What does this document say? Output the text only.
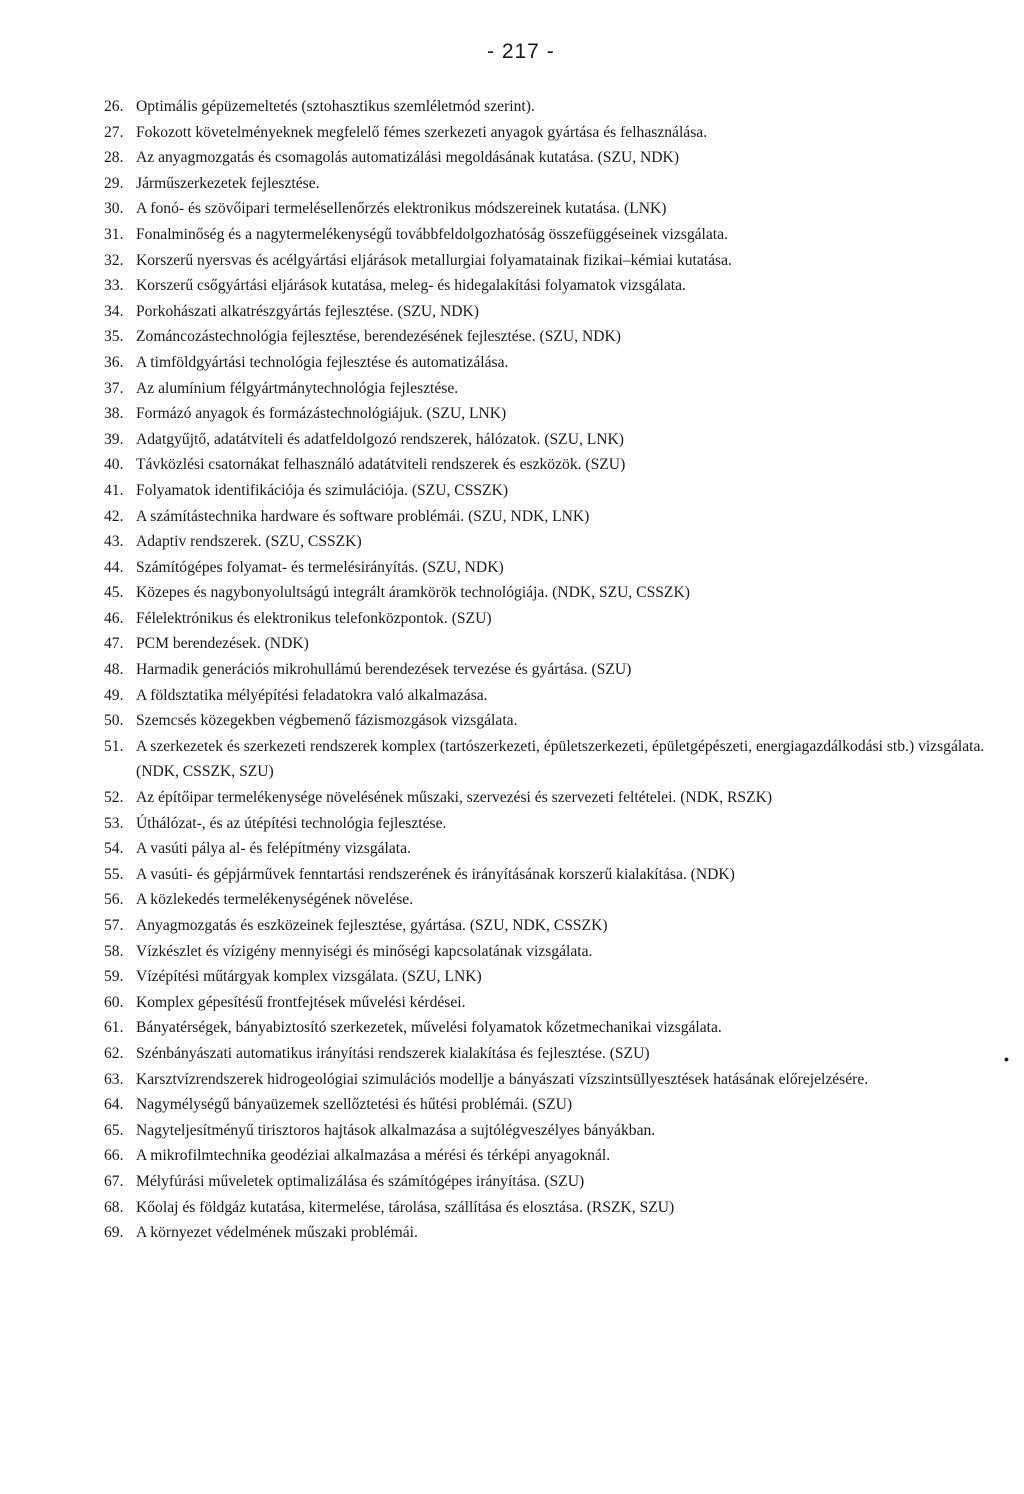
- 217 -
26. Optimális gépüzemeltetés (sztohasztikus szemléletmód szerint).
27. Fokozott követelményeknek megfelelő fémes szerkezeti anyagok gyártása és felhasználása.
28. Az anyagmozgatás és csomagolás automatizálási megoldásának kutatása. (SZU, NDK)
29. Járműszerkezetek fejlesztése.
30. A fonó- és szövőipari termelésellenőrzés elektronikus módszereinek kutatása. (LNK)
31. Fonalminőség és a nagytermelékenységű továbbfeldolgozhatóság összefüggéseinek vizsgálata.
32. Korszerű nyersvas és acélgyártási eljárások metallurgiai folyamatainak fizikai–kémiai kutatása.
33. Korszerű csőgyártási eljárások kutatása, meleg- és hidegalakítási folyamatok vizsgálata.
34. Porkohászati alkatrészgyártás fejlesztése. (SZU, NDK)
35. Zománcozástechnológia fejlesztése, berendezésének fejlesztése. (SZU, NDK)
36. A timföldgyártási technológia fejlesztése és automatizálása.
37. Az alumínium félgyártmánytechnológia fejlesztése.
38. Formázó anyagok és formázástechnológiájuk. (SZU, LNK)
39. Adatgyűjtő, adatátviteli és adatfeldolgozó rendszerek, hálózatok. (SZU, LNK)
40. Távközlési csatornákat felhasználó adatátviteli rendszerek és eszközök. (SZU)
41. Folyamatok identifikációja és szimulációja. (SZU, CSSZK)
42. A számítástechnika hardware és software problémái. (SZU, NDK, LNK)
43. Adaptiv rendszerek. (SZU, CSSZK)
44. Számítógépes folyamat- és termelésirányítás. (SZU, NDK)
45. Közepes és nagybonyolultságú integrált áramkörök technológiája. (NDK, SZU, CSSZK)
46. Félelektrónikus és elektronikus telefonközpontok. (SZU)
47. PCM berendezések. (NDK)
48. Harmadik generációs mikrohullámú berendezések tervezése és gyártása. (SZU)
49. A földsztatika mélyépítési feladatokra való alkalmazása.
50. Szemcsés közegekben végbemenő fázismozgások vizsgálata.
51. A szerkezetek és szerkezeti rendszerek komplex (tartószerkezeti, épületszerkezeti, épületgépészeti, energiagazdálkodási stb.) vizsgálata. (NDK, CSSZK, SZU)
52. Az építőipar termelékenysége növelésének műszaki, szervezési és szervezeti feltételei. (NDK, RSZK)
53. Úthálózat-, és az útépítési technológia fejlesztése.
54. A vasúti pálya al- és felépítmény vizsgálata.
55. A vasúti- és gépjárművek fenntartási rendszerének és irányításának korszerű kialakítása. (NDK)
56. A közlekedés termelékenységének növelése.
57. Anyagmozgatás és eszközeinek fejlesztése, gyártása. (SZU, NDK, CSSZK)
58. Vízkészlet és vízigény mennyiségi és minőségi kapcsolatának vizsgálata.
59. Vízépítési műtárgyak komplex vizsgálata. (SZU, LNK)
60. Komplex gépesítésű frontfejtések művelési kérdései.
61. Bányatérségek, bányabiztosító szerkezetek, művelési folyamatok kőzetmechanikai vizsgálata.
62. Szénbányászati automatikus irányítási rendszerek kialakítása és fejlesztése. (SZU)
63. Karsztvízrendszerek hidrogeológiai szimulációs modellje a bányászati vízszintsüllyesztések hatásának előrejelzésére.
64. Nagymélységű bányaüzemek szellőztetési és hűtési problémái. (SZU)
65. Nagyteljesítményű tirisztoros hajtások alkalmazása a sujtólégveszélyes bányákban.
66. A mikrofilmtechnika geodéziai alkalmazása a mérési és térképi anyagoknál.
67. Mélyfúrási műveletek optimalizálása és számítógépes irányítása. (SZU)
68. Kőolaj és földgáz kutatása, kitermelése, tárolása, szállítása és elosztása. (RSZK, SZU)
69. A környezet védelmének műszaki problémái.
•
